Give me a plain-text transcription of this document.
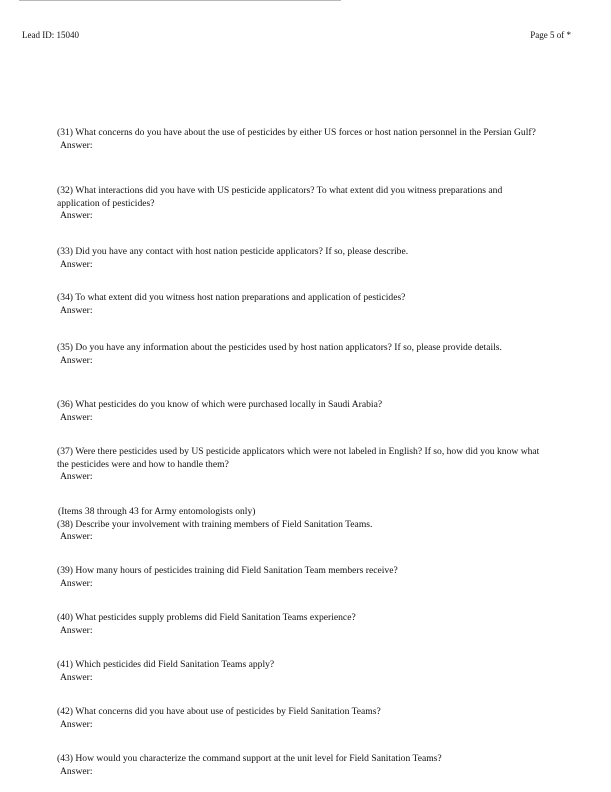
Lead ID: 15040	Page 5 of *
(31) What concerns do you have about the use of pesticides by either US forces or host nation personnel in the Persian Gulf?
Answer:
(32) What interactions did you have with US pesticide applicators? To what extent did you witness preparations and application of pesticides?
Answer:
(33) Did you have any contact with host nation pesticide applicators? If so, please describe.
Answer:
(34) To what extent did you witness host nation preparations and application of pesticides?
Answer:
(35) Do you have any information about the pesticides used by host nation applicators? If so, please provide details.
Answer:
(36) What pesticides do you know of which were purchased locally in Saudi Arabia?
Answer:
(37) Were there pesticides used by US pesticide applicators which were not labeled in English? If so, how did you know what the pesticides were and how to handle them?
Answer:
(Items 38 through 43 for Army entomologists only)
(38) Describe your involvement with training members of Field Sanitation Teams.
Answer:
(39) How many hours of pesticides training did Field Sanitation Team members receive?
Answer:
(40) What pesticides supply problems did Field Sanitation Teams experience?
Answer:
(41) Which pesticides did Field Sanitation Teams apply?
Answer:
(42) What concerns did you have about use of pesticides by Field Sanitation Teams?
Answer:
(43) How would you characterize the command support at the unit level for Field Sanitation Teams?
Answer:
